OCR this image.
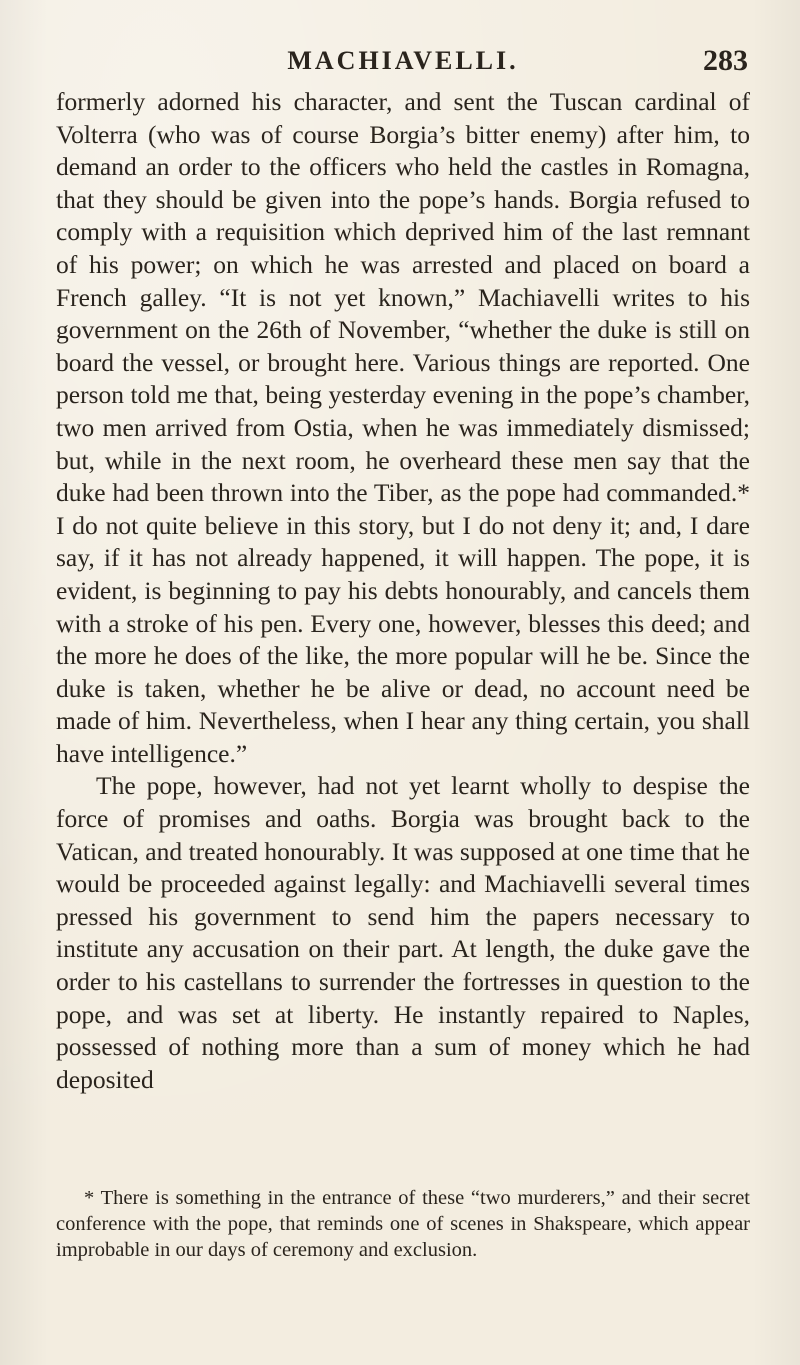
MACHIAVELLI.	283

formerly adorned his character, and sent the Tuscan cardinal of Volterra (who was of course Borgia’s bitter enemy) after him, to demand an order to the officers who held the castles in Romagna, that they should be given into the pope’s hands. Borgia refused to comply with a requisition which deprived him of the last remnant of his power; on which he was arrested and placed on board a French galley. “It is not yet known,” Machiavelli writes to his government on the 26th of November, “whether the duke is still on board the vessel, or brought here. Various things are reported. One person told me that, being yesterday evening in the pope’s chamber, two men arrived from Ostia, when he was immediately dismissed; but, while in the next room, he overheard these men say that the duke had been thrown into the Tiber, as the pope had commanded.* I do not quite believe in this story, but I do not deny it; and, I dare say, if it has not already happened, it will happen. The pope, it is evident, is beginning to pay his debts honourably, and cancels them with a stroke of his pen. Every one, however, blesses this deed; and the more he does of the like, the more popular will he be. Since the duke is taken, whether he be alive or dead, no account need be made of him. Nevertheless, when I hear any thing certain, you shall have intelligence.”

The pope, however, had not yet learnt wholly to despise the force of promises and oaths. Borgia was brought back to the Vatican, and treated honourably. It was supposed at one time that he would be proceeded against legally: and Machiavelli several times pressed his government to send him the papers necessary to institute any accusation on their part. At length, the duke gave the order to his castellans to surrender the fortresses in question to the pope, and was set at liberty. He instantly repaired to Naples, possessed of nothing more than a sum of money which he had deposited

* There is something in the entrance of these “two murderers,” and their secret conference with the pope, that reminds one of scenes in Shakspeare, which appear improbable in our days of ceremony and exclusion.
